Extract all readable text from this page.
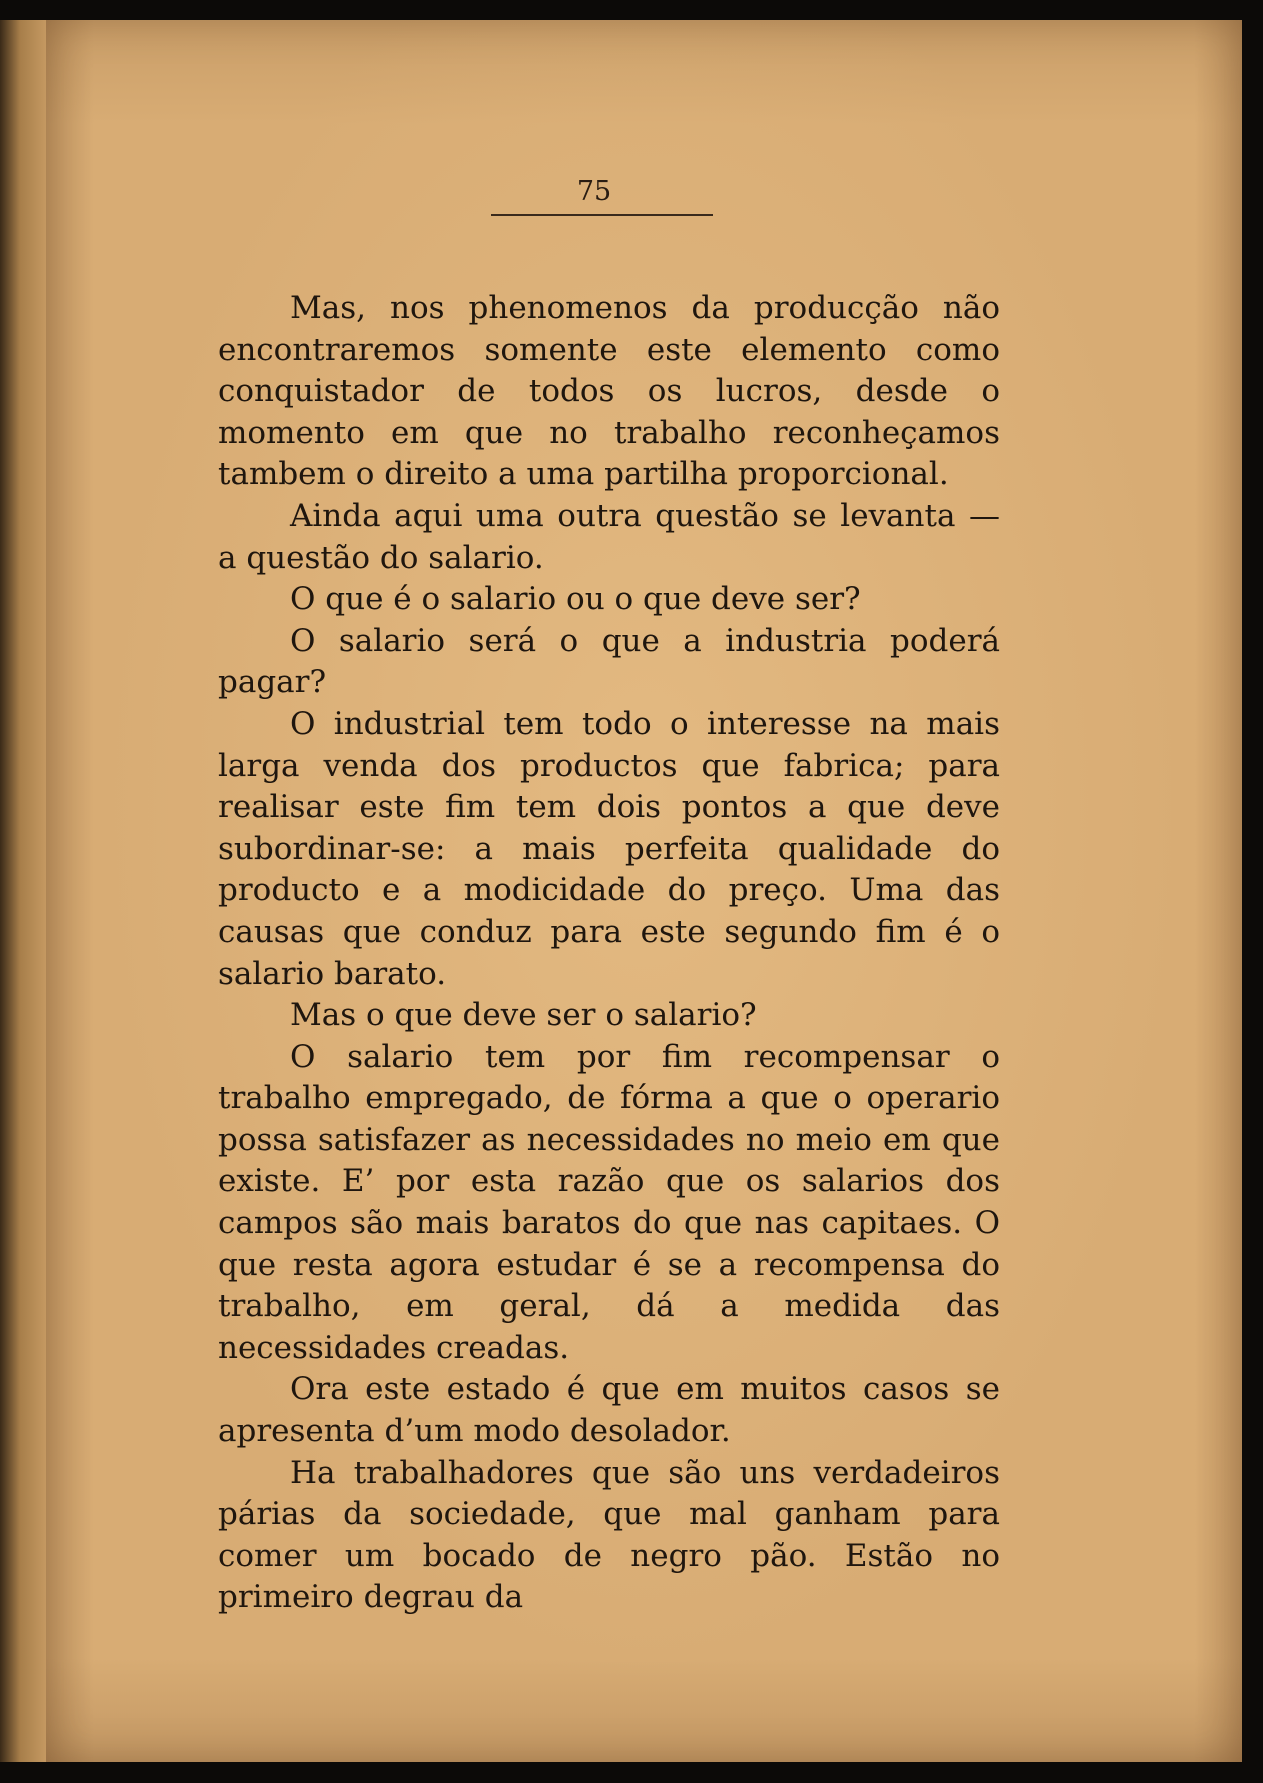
75

Mas, nos phenomenos da producção não encontraremos somente este elemento como conquistador de todos os lucros, desde o momento em que no trabalho reconheçamos tambem o direito a uma partilha proporcional.

Ainda aqui uma outra questão se levanta — a questão do salario.

O que é o salario ou o que deve ser?

O salario será o que a industria poderá pagar?

O industrial tem todo o interesse na mais larga venda dos productos que fabrica; para realisar este fim tem dois pontos a que deve subordinar-se: a mais perfeita qualidade do producto e a modicidade do preço. Uma das causas que conduz para este segundo fim é o salario barato.

Mas o que deve ser o salario?

O salario tem por fim recompensar o trabalho empregado, de fórma a que o operario possa satisfazer as necessidades no meio em que existe. E’ por esta razão que os salarios dos campos são mais baratos do que nas capitaes. O que resta agora estudar é se a recompensa do trabalho, em geral, dá a medida das necessidades creadas.

Ora este estado é que em muitos casos se apresenta d’um modo desolador.

Ha trabalhadores que são uns verdadeiros párias da sociedade, que mal ganham para comer um bocado de negro pão. Estão no primeiro degrau da
